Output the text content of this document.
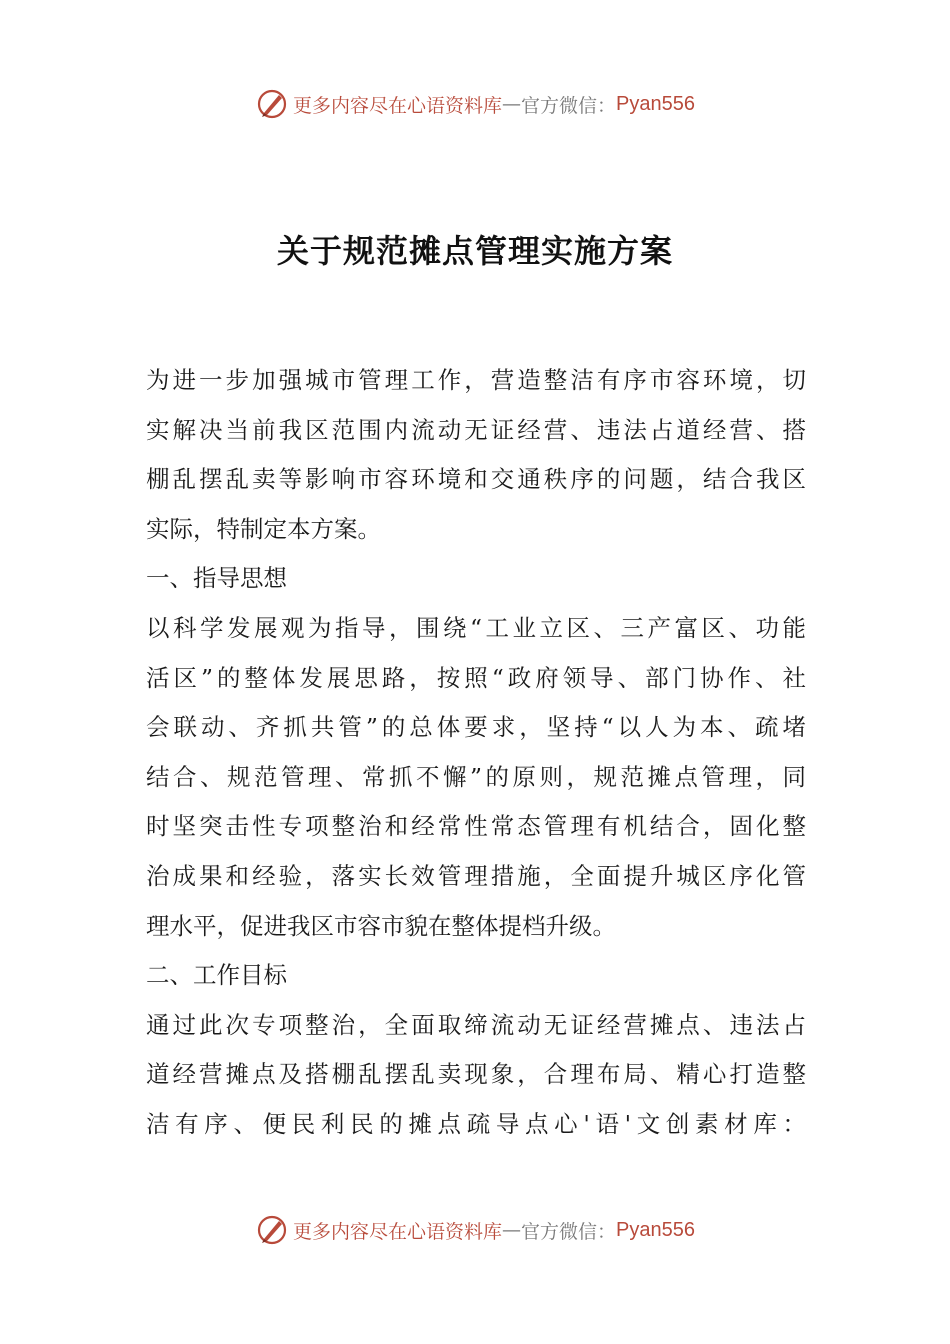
更多内容尽在心语资料库 — 官方微信： Pyan556
关于规范摊点管理实施方案
为进一步加强城市管理工作，营造整洁有序市容环境，切
实解决当前我区范围内流动无证经营、违法占道经营、搭
棚乱摆乱卖等影响市容环境和交通秩序的问题，结合我区
实际，特制定本方案。
一、指导思想
以科学发展观为指导，围绕“工业立区、三产富区、功能
活区”的整体发展思路，按照“政府领导、部门协作、社
会联动、齐抓共管”的总体要求，坚持“以人为本、疏堵
结合、规范管理、常抓不懈”的原则，规范摊点管理，同
时坚突击性专项整治和经常性常态管理有机结合，固化整
治成果和经验，落实长效管理措施，全面提升城区序化管
理水平，促进我区市容市貌在整体提档升级。
二、工作目标
通过此次专项整治，全面取缔流动无证经营摊点、违法占
道经营摊点及搭棚乱摆乱卖现象，合理布局、精心打造整
洁有序、便民利民的摊点疏导点心'语'文创素材库：
更多内容尽在心语资料库 — 官方微信： Pyan556
